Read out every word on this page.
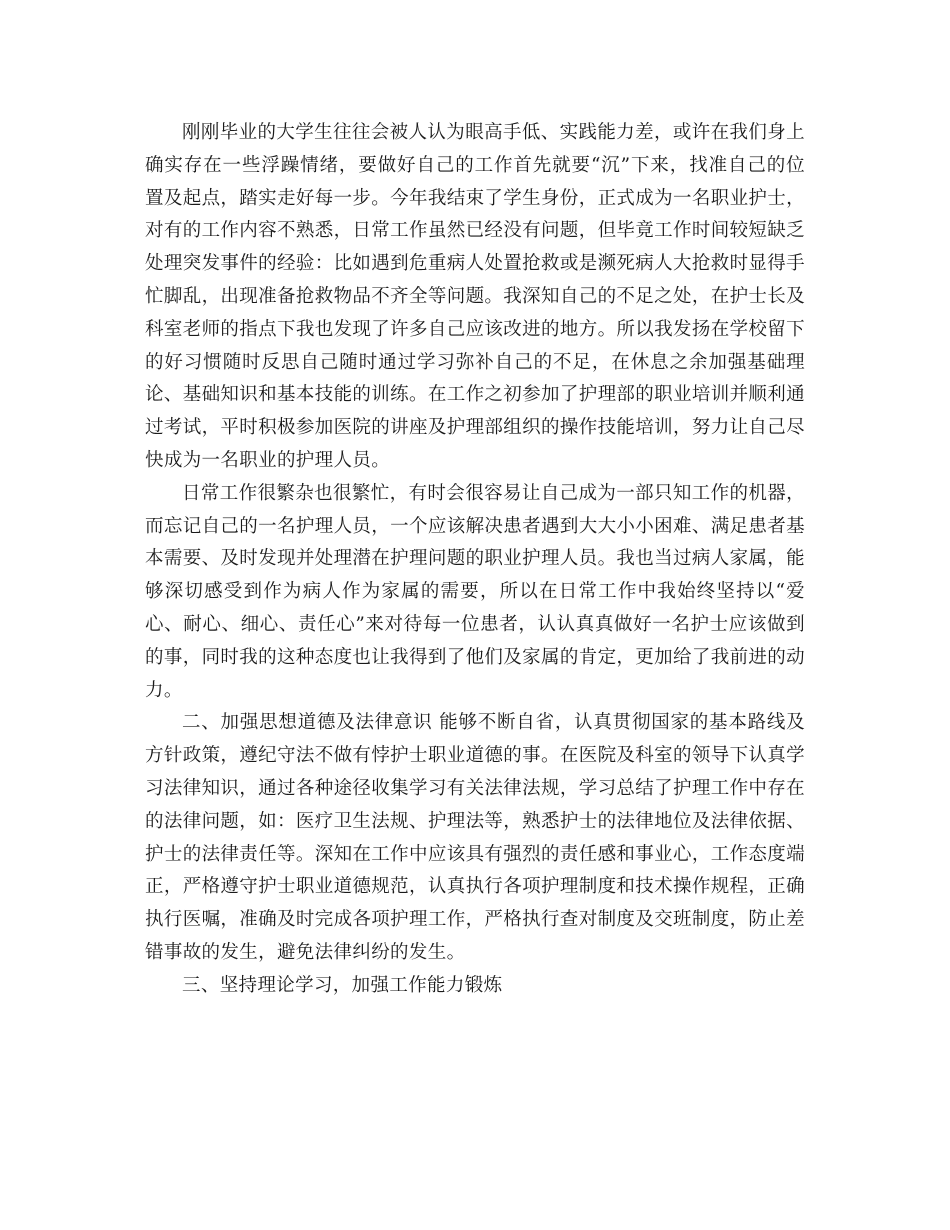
刚刚毕业的大学生往往会被人认为眼高手低、实践能力差，或许在我们身上确实存在一些浮躁情绪，要做好自己的工作首先就要“沉”下来，找准自己的位置及起点，踏实走好每一步。今年我结束了学生身份，正式成为一名职业护士，对有的工作内容不熟悉，日常工作虽然已经没有问题，但毕竟工作时间较短缺乏处理突发事件的经验：比如遇到危重病人处置抢救或是濒死病人大抢救时显得手忙脚乱，出现准备抢救物品不齐全等问题。我深知自己的不足之处，在护士长及科室老师的指点下我也发现了许多自己应该改进的地方。所以我发扬在学校留下的好习惯随时反思自己随时通过学习弥补自己的不足，在休息之余加强基础理论、基础知识和基本技能的训练。在工作之初参加了护理部的职业培训并顺利通过考试，平时积极参加医院的讲座及护理部组织的操作技能培训，努力让自己尽快成为一名职业的护理人员。

日常工作很繁杂也很繁忙，有时会很容易让自己成为一部只知工作的机器，而忘记自己的一名护理人员，一个应该解决患者遇到大大小小困难、满足患者基本需要、及时发现并处理潜在护理问题的职业护理人员。我也当过病人家属，能够深切感受到作为病人作为家属的需要，所以在日常工作中我始终坚持以“爱心、耐心、细心、责任心”来对待每一位患者，认认真真做好一名护士应该做到的事，同时我的这种态度也让我得到了他们及家属的肯定，更加给了我前进的动力。

二、加强思想道德及法律意识 能够不断自省，认真贯彻国家的基本路线及方针政策，遵纪守法不做有悖护士职业道德的事。在医院及科室的领导下认真学习法律知识，通过各种途径收集学习有关法律法规，学习总结了护理工作中存在的法律问题，如：医疗卫生法规、护理法等，熟悉护士的法律地位及法律依据、护士的法律责任等。深知在工作中应该具有强烈的责任感和事业心，工作态度端正，严格遵守护士职业道德规范，认真执行各项护理制度和技术操作规程，正确执行医嘱，准确及时完成各项护理工作，严格执行查对制度及交班制度，防止差错事故的发生，避免法律纠纷的发生。

三、坚持理论学习，加强工作能力锻炼
